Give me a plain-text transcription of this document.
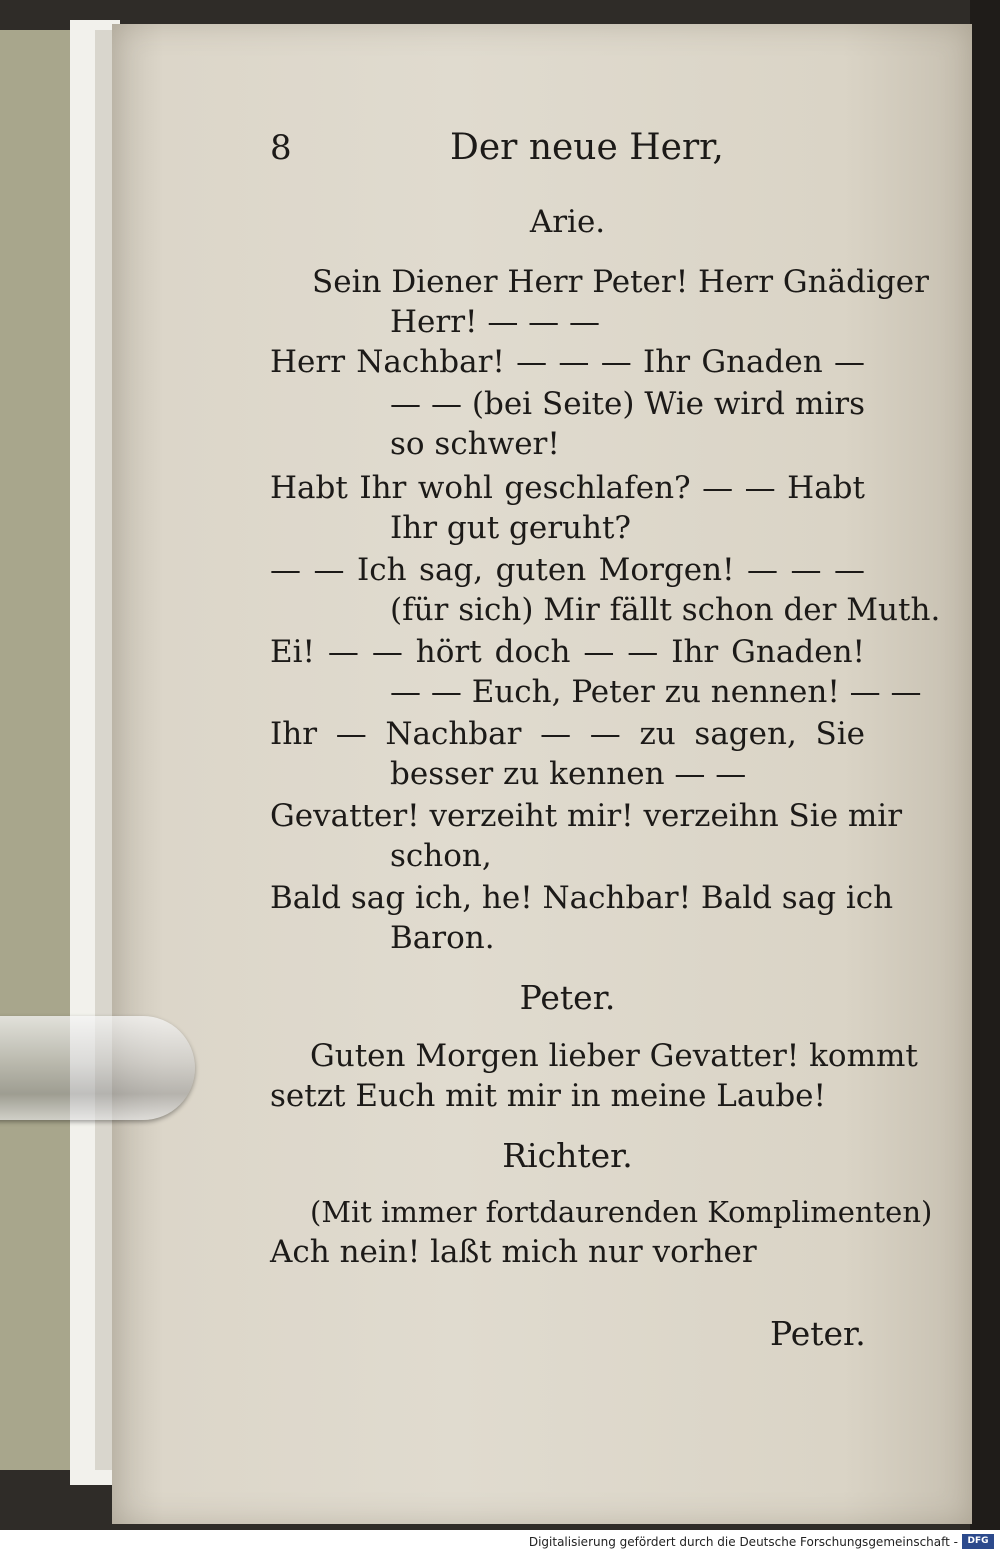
8	Der neue Herr,
Arie.
Sein Diener Herr Peter! Herr Gnädiger
Herr! — — —
Herr Nachbar! — — — Ihr Gnaden —
— — (bei Seite) Wie wird mirs
so schwer!
Habt Ihr wohl geschlafen? — — Habt
Ihr gut geruht?
— — Ich sag, guten Morgen! — — —
(für sich) Mir fällt schon der Muth.
Ei! — — hört doch — — Ihr Gnaden!
— — Euch, Peter zu nennen! — —
Ihr — Nachbar — — zu sagen, Sie
besser zu kennen — —
Gevatter! verzeiht mir! verzeihn Sie mir
schon,
Bald sag ich, he! Nachbar! Bald sag ich
Baron.
Peter.
Guten Morgen lieber Gevatter! kommt
setzt Euch mit mir in meine Laube!
Richter.
(Mit immer fortdaurenden Komplimenten)
Ach nein! laßt mich nur vorher
Peter.
Digitalisierung gefördert durch die Deutsche Forschungsgemeinschaft -	DFG
